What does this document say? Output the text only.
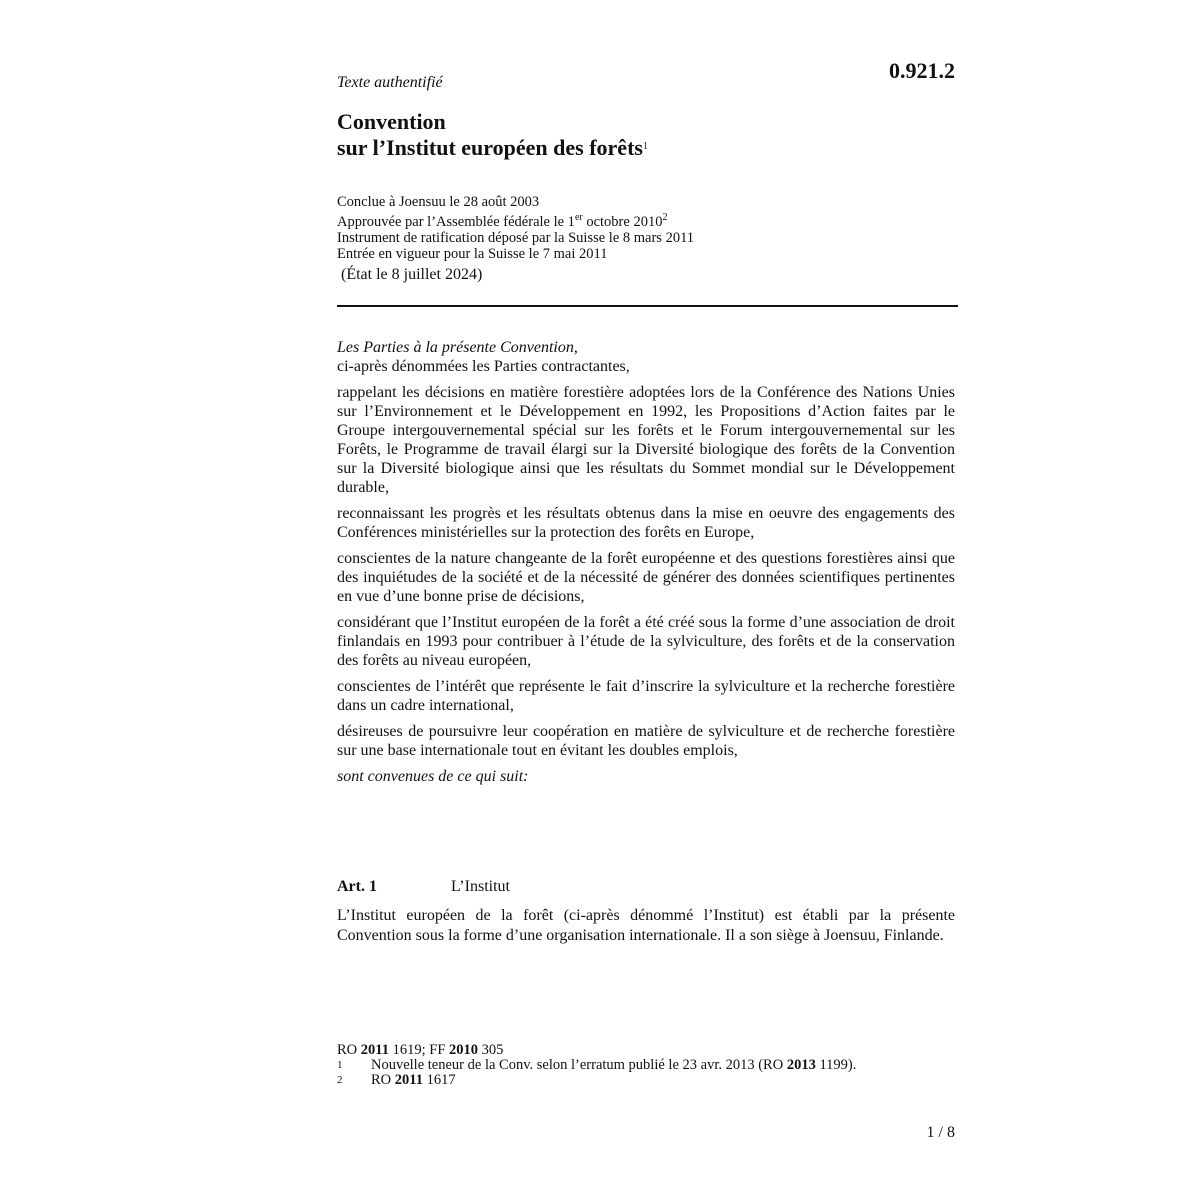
0.921.2
Texte authentifié
Convention
sur l’Institut européen des forêts$^1$
Conclue à Joensuu le 28 août 2003
Approuvée par l’Assemblée fédérale le 1er octobre 2010$^2$
Instrument de ratification déposé par la Suisse le 8 mars 2011
Entrée en vigueur pour la Suisse le 7 mai 2011
(État le 8 juillet 2024)

Les Parties à la présente Convention,

ci-après dénommées les Parties contractantes,

rappelant les décisions en matière forestière adoptées lors de la Conférence des Nations Unies sur l’Environnement et le Développement en 1992, les Propositions d’Action faites par le Groupe intergouvernemental spécial sur les forêts et le Forum intergouvernemental sur les Forêts, le Programme de travail élargi sur la Diversité biologique des forêts de la Convention sur la Diversité biologique ainsi que les résultats du Sommet mondial sur le Développement durable,

reconnaissant les progrès et les résultats obtenus dans la mise en oeuvre des engagements des Conférences ministérielles sur la protection des forêts en Europe,

conscientes de la nature changeante de la forêt européenne et des questions forestières ainsi que des inquiétudes de la société et de la nécessité de générer des données scientifiques pertinentes en vue d’une bonne prise de décisions,

considérant que l’Institut européen de la forêt a été créé sous la forme d’une association de droit finlandais en 1993 pour contribuer à l’étude de la sylviculture, des forêts et de la conservation des forêts au niveau européen,

conscientes de l’intérêt que représente le fait d’inscrire la sylviculture et la recherche forestière dans un cadre international,

désireuses de poursuivre leur coopération en matière de sylviculture et de recherche forestière sur une base internationale tout en évitant les doubles emplois,

sont convenues de ce qui suit:

Art. 1	L’Institut

L’Institut européen de la forêt (ci-après dénommé l’Institut) est établi par la présente Convention sous la forme d’une organisation internationale. Il a son siège à Joensuu, Finlande.

RO 2011 1619; FF 2010 305
1	Nouvelle teneur de la Conv. selon l’erratum publié le 23 avr. 2013 (RO 2013 1199).
2	RO 2011 1617
1 / 8
